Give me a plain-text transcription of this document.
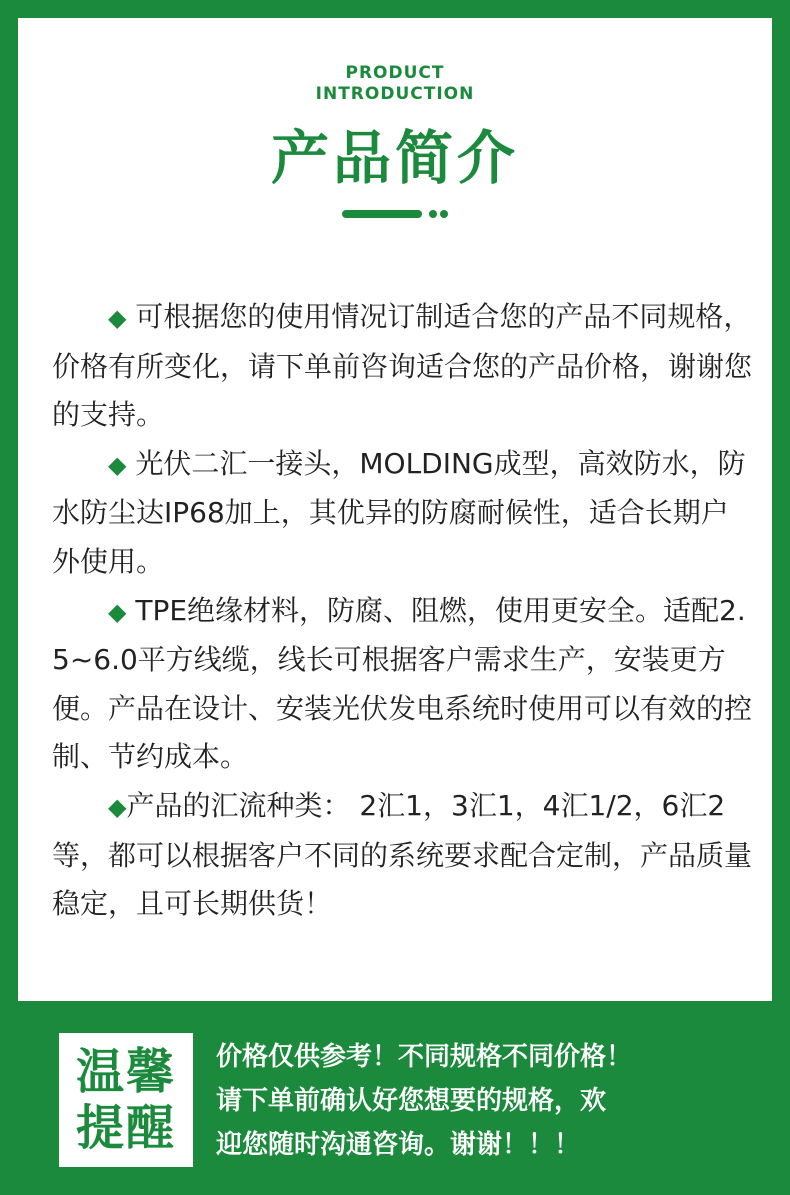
PRODUCT

INTRODUCTION

产品简介

◆ 可根据您的使用情况订制适合您的产品不同规格，价格有所变化，请下单前咨询适合您的产品价格，谢谢您的支持。

◆ 光伏二汇一接头，MOLDING成型，高效防水，防水防尘达IP68加上，其优异的防腐耐候性，适合长期户外使用。

◆ TPE绝缘材料，防腐、阻燃，使用更安全。适配2.5~6.0平方线缆，线长可根据客户需求生产，安装更方便。产品在设计、安装光伏发电系统时使用可以有效的控制、节约成本。

◆产品的汇流种类： 2汇1，3汇1，4汇1/2，6汇2等，都可以根据客户不同的系统要求配合定制，产品质量稳定，且可长期供货！

温馨
提醒
价格仅供参考！不同规格不同价格！
请下单前确认好您想要的规格，欢
迎您随时沟通咨询。谢谢！！！
